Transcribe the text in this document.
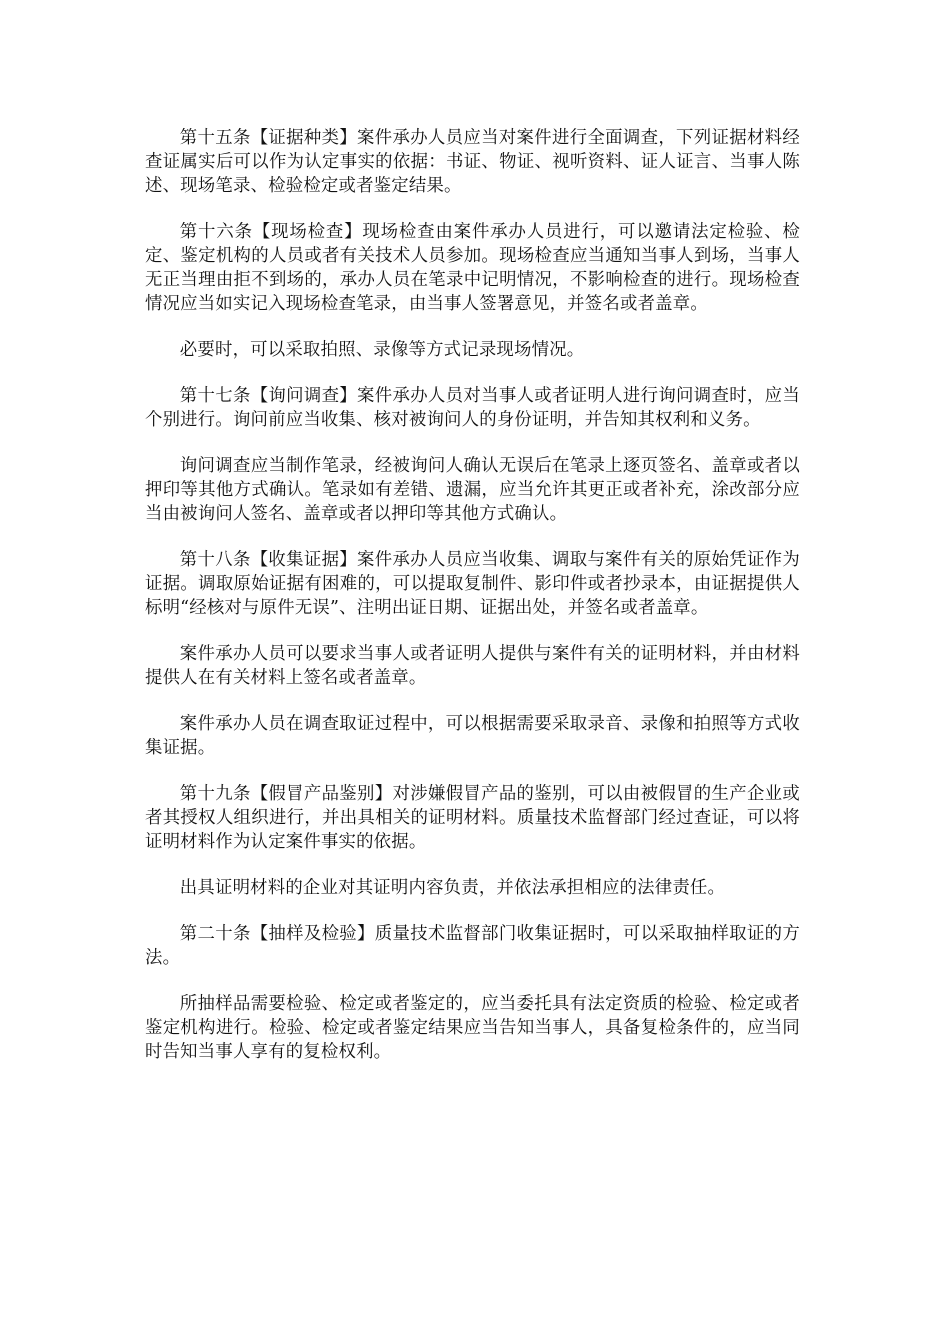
第十五条【证据种类】案件承办人员应当对案件进行全面调查，下列证据材料经查证属实后可以作为认定事实的依据：书证、物证、视听资料、证人证言、当事人陈述、现场笔录、检验检定或者鉴定结果。

第十六条【现场检查】现场检查由案件承办人员进行，可以邀请法定检验、检定、鉴定机构的人员或者有关技术人员参加。现场检查应当通知当事人到场，当事人无正当理由拒不到场的，承办人员在笔录中记明情况，不影响检查的进行。现场检查情况应当如实记入现场检查笔录，由当事人签署意见，并签名或者盖章。

必要时，可以采取拍照、录像等方式记录现场情况。

第十七条【询问调查】案件承办人员对当事人或者证明人进行询问调查时，应当个别进行。询问前应当收集、核对被询问人的身份证明，并告知其权利和义务。

询问调查应当制作笔录，经被询问人确认无误后在笔录上逐页签名、盖章或者以押印等其他方式确认。笔录如有差错、遗漏，应当允许其更正或者补充，涂改部分应当由被询问人签名、盖章或者以押印等其他方式确认。

第十八条【收集证据】案件承办人员应当收集、调取与案件有关的原始凭证作为证据。调取原始证据有困难的，可以提取复制件、影印件或者抄录本，由证据提供人标明“经核对与原件无误”、注明出证日期、证据出处，并签名或者盖章。

案件承办人员可以要求当事人或者证明人提供与案件有关的证明材料，并由材料提供人在有关材料上签名或者盖章。

案件承办人员在调查取证过程中，可以根据需要采取录音、录像和拍照等方式收集证据。

第十九条【假冒产品鉴别】对涉嫌假冒产品的鉴别，可以由被假冒的生产企业或者其授权人组织进行，并出具相关的证明材料。质量技术监督部门经过查证，可以将证明材料作为认定案件事实的依据。

出具证明材料的企业对其证明内容负责，并依法承担相应的法律责任。

第二十条【抽样及检验】质量技术监督部门收集证据时，可以采取抽样取证的方法。

所抽样品需要检验、检定或者鉴定的，应当委托具有法定资质的检验、检定或者鉴定机构进行。检验、检定或者鉴定结果应当告知当事人，具备复检条件的，应当同时告知当事人享有的复检权利。
